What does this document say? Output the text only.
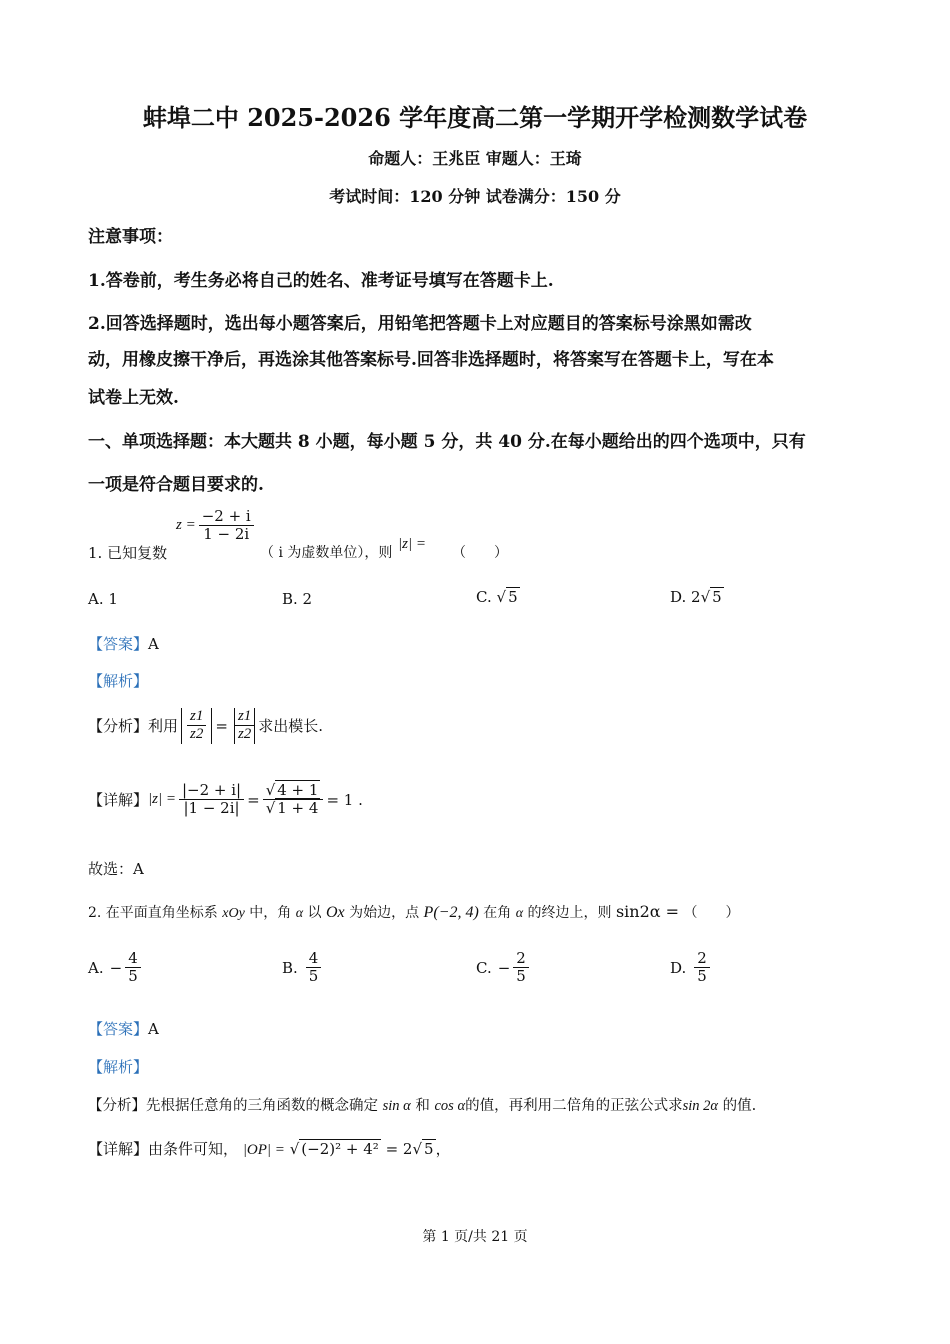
蚌埠二中 2025-2026 学年度高二第一学期开学检测数学试卷
命题人：王兆臣 审题人：王琦
考试时间：120 分钟 试卷满分：150 分
注意事项：
1.答卷前，考生务必将自己的姓名、准考证号填写在答题卡上.
2.回答选择题时，选出每小题答案后，用铅笔把答题卡上对应题目的答案标号涂黑如需改
动，用橡皮擦干净后，再选涂其他答案标号.回答非选择题时，将答案写在答题卡上，写在本
试卷上无效.
一、单项选择题：本大题共 8 小题，每小题 5 分，共 40 分.在每小题给出的四个选项中，只有
一项是符合题目要求的.
1. 已知复数
$z = \frac{-2 + i}{1 - 2i}$
（ i 为虚数单位），则
|z| =
（　　）
A. 1	B. 2	C. √ 5	D. 2√ 5
【答案】A
【解析】
【分析】 利用 $\frac{z1}{z2} = \frac{z1}{z2}$ 求出模长.
【详解】 $|z| = \frac{|-2 + i|}{|1 - 2i|} = \frac{√ 4 + 1}{√ 1 + 4} = 1$ .
故选：A
2. 在平面直角坐标系 xOy 中，角 α 以 Ox 为始边，点 P(−2, 4) 在角 α 的终边上，则 sin2α = （　　）
A. − $\frac{4}{5}$	B. $\frac{4}{5}$	C. − $\frac{2}{5}$	D. $\frac{2}{5}$
【答案】A
【解析】
【分析】先根据任意角的三角函数的概念确定 sin α 和 cos α的值，再利用二倍角的正弦公式求sin 2α 的值.
【详解】由条件可知， |OP| = √ (−2)² + 4² = 2√ 5 ，
第 1 页/共 21 页
